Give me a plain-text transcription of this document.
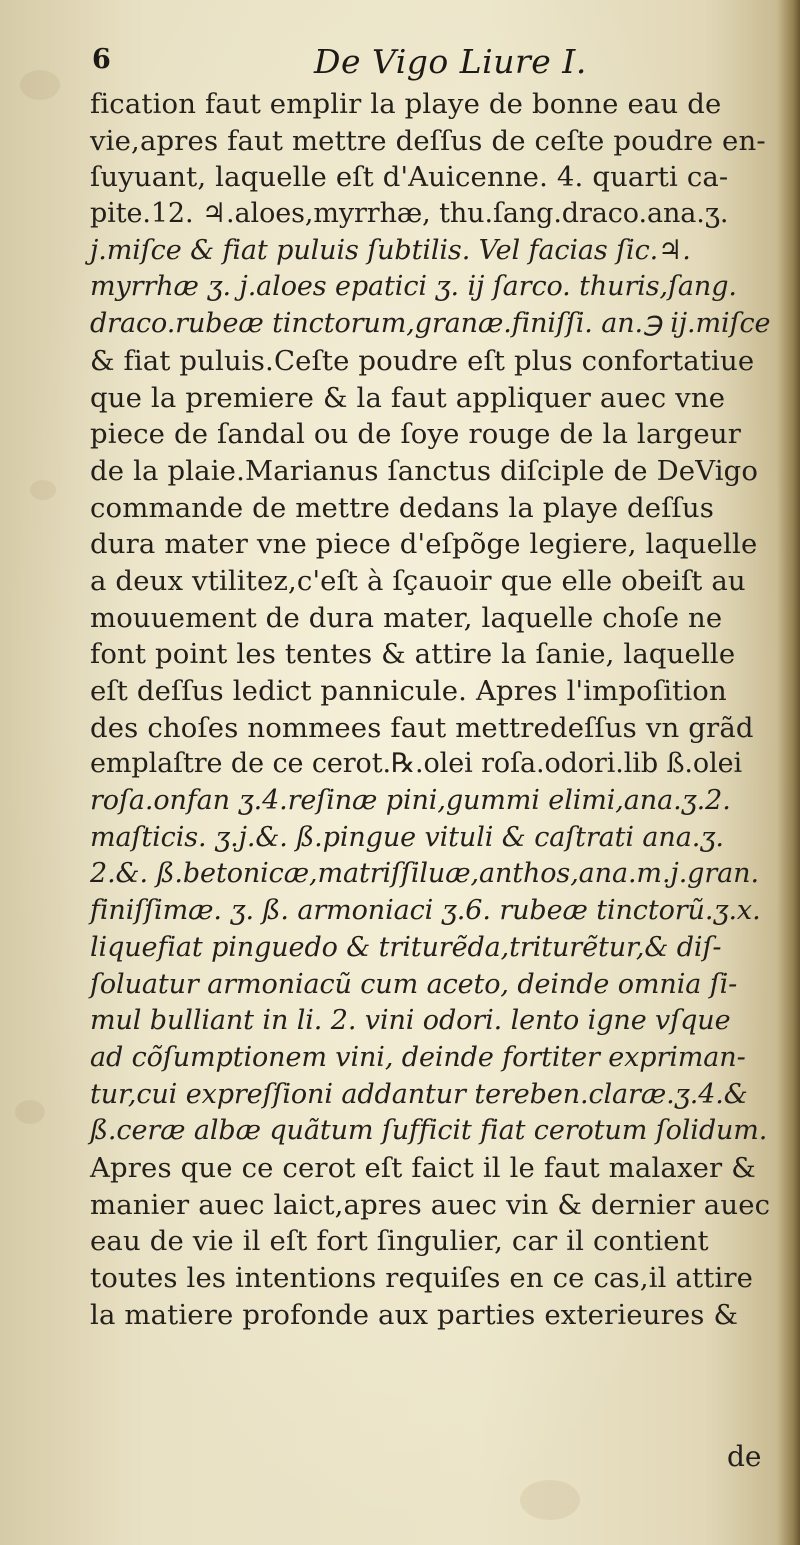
6	De Vigo Liure I.
fication faut emplir la playe de bonne eau de
vie,apres faut mettre deſſus de ceſte poudre en-
ſuyuant, laquelle eſt d'Auicenne. 4. quarti ca-
pite.12. ♃.aloes,myrrhæ, thu.ſang.draco.ana.ʒ.
j.miſce & fiat puluis ſubtilis. Vel facias ſic.♃.
myrrhæ ʒ. j.aloes epatici ʒ. ij ſarco. thuris,ſang.
draco.rubeæ tinctorum,granæ.finiſſi. an.℈ ij.miſce
& fiat puluis.Ceſte poudre eſt plus confortatiue
que la premiere & la faut appliquer auec vne
piece de ſandal ou de ſoye rouge de la largeur
de la plaie.Marianus ſanctus diſciple de DeVigo
commande de mettre dedans la playe deſſus
dura mater vne piece d'eſpõge legiere, laquelle
a deux vtilitez,c'eſt à ſçauoir que elle obeiſt au
mouuement de dura mater, laquelle choſe ne
font point les tentes & attire la ſanie, laquelle
eſt deſſus ledict pannicule. Apres l'impoſition
des choſes nommees faut mettredeſſus vn grãd
emplaſtre de ce cerot.℞.olei roſa.odori.lib ß.olei
roſa.onfan ʒ.4.reſinæ pini,gummi elimi,ana.ʒ.2.
maſticis. ʒ.j.&. ß.pingue vituli & caſtrati ana.ʒ.
2.&. ß.betonicæ,matriſſiluæ,anthos,ana.m.j.gran.
finiſſimæ. ʒ. ß. armoniaci ʒ.6. rubeæ tinctorũ.ʒ.x.
liquefiat pinguedo & triturẽda,triturẽtur,& diſ-
ſoluatur armoniacũ cum aceto, deinde omnia ſi-
mul bulliant in li. 2. vini odori. lento igne vſque
ad cõſumptionem vini, deinde fortiter expriman-
tur,cui expreſſioni addantur tereben.claræ.ʒ.4.&
ß.ceræ albæ quãtum ſufficit fiat cerotum ſolidum.
Apres que ce cerot eſt faict il le faut malaxer &
manier auec laict,apres auec vin & dernier auec
eau de vie il eſt fort ſingulier, car il contient
toutes les intentions requiſes en ce cas,il attire
la matiere profonde aux parties exterieures &
de
